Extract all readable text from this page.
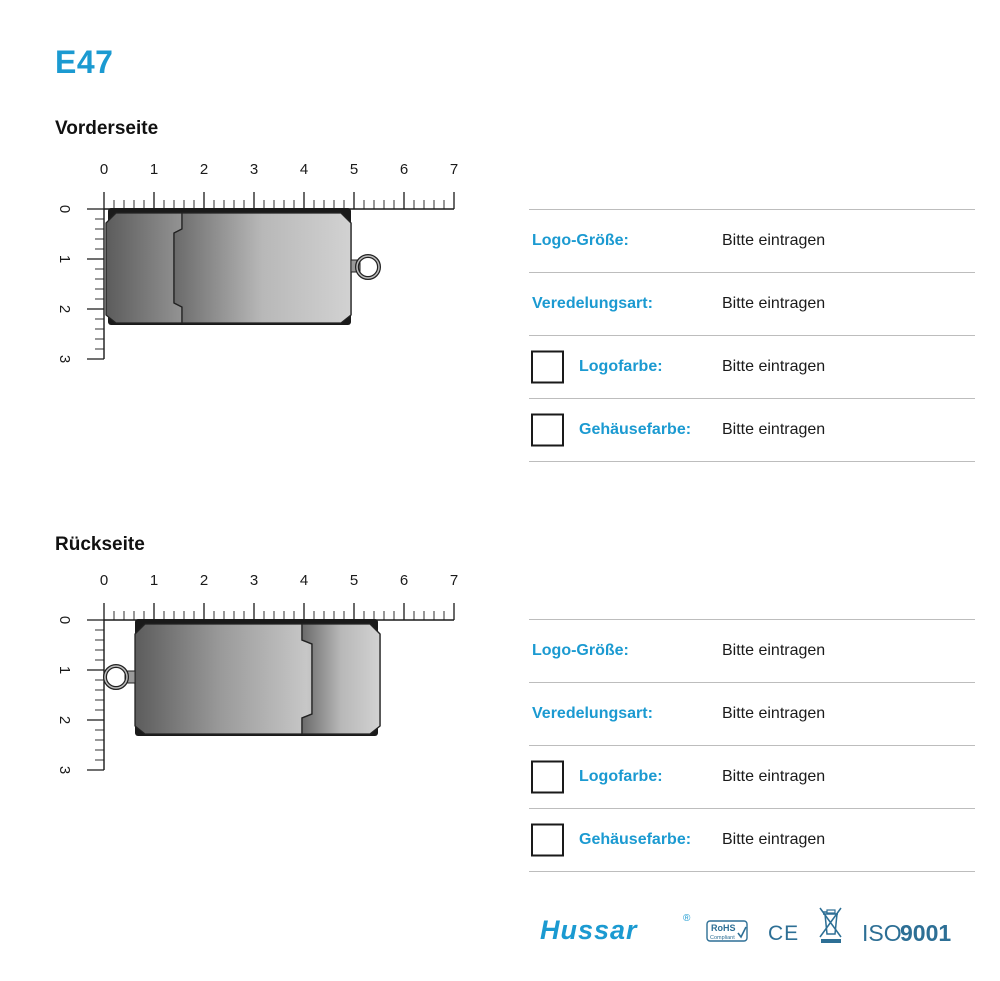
E47
Vorderseite
0	1	2	3	4	5	6	7
0
1
2
3
Logo-Größe:	Bitte eintragen
Veredelungsart:	Bitte eintragen
Logofarbe:	Bitte eintragen
Gehäusefarbe: Bitte eintragen
Rückseite
0	1	2	3	4	5	6	7
0
1
2
3
Logo-Größe:	Bitte eintragen
Veredelungsart:	Bitte eintragen
Logofarbe:	Bitte eintragen
Gehäusefarbe: Bitte eintragen
Hussar	®
RoHS
Compliant CE	ISO
9001
